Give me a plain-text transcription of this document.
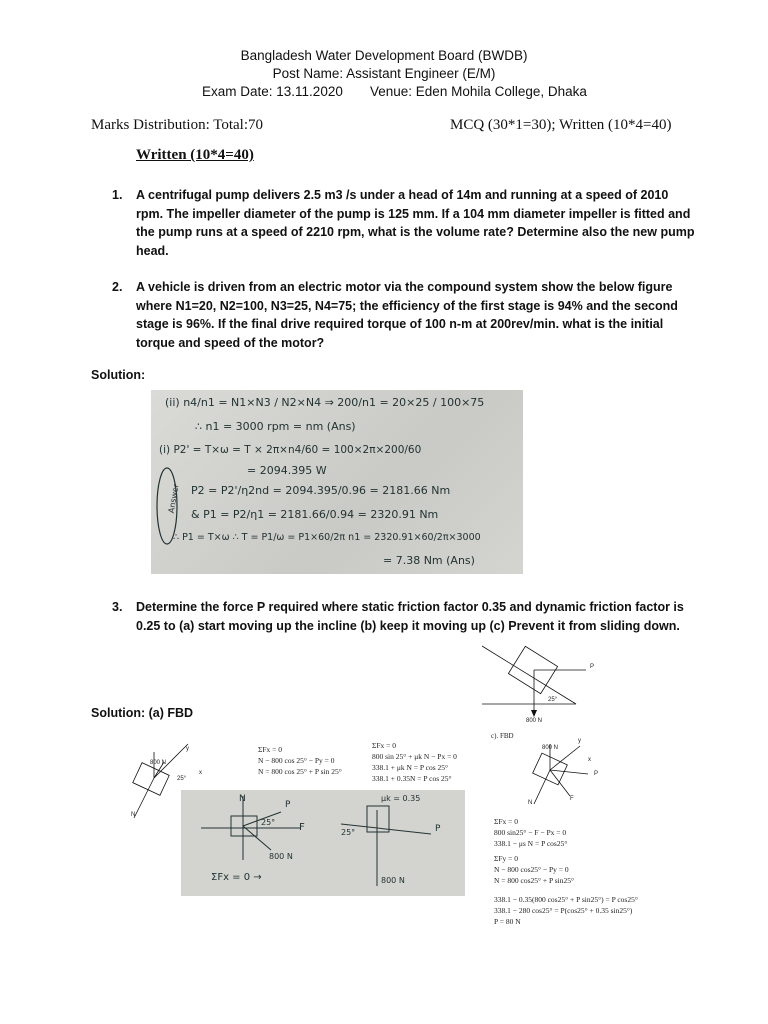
Bangladesh Water Development Board (BWDB)
Post Name: Assistant Engineer (E/M)
Exam Date: 13.11.2020 Venue: Eden Mohila College, Dhaka
Marks Distribution: Total:70	MCQ (30*1=30); Written (10*4=40)
Written (10*4=40)
1. A centrifugal pump delivers 2.5 m3 /s under a head of 14m and running at a speed of 2010 rpm. The impeller diameter of the pump is 125 mm. If a 104 mm diameter impeller is fitted and the pump runs at a speed of 2210 rpm, what is the volume rate? Determine also the new pump head.
2. A vehicle is driven from an electric motor via the compound system show the below figure where N1=20, N2=100, N3=25, N4=75; the efficiency of the first stage is 94% and the second stage is 96%. If the final drive required torque of 100 n-m at 200rev/min. what is the initial torque and speed of the motor?
Solution:
(ii) n4/n1 = N1×N3 / N2×N4 ⇒ 200/n1 = 20×25 / 100×75
∴ n1 = 3000 rpm = nm (Ans)
(i) P2' = T×ω = T × 2π×n4/60 = 100×2π×200/60
= 2094.395 W
P2 = P2'/η2nd = 2094.395/0.96 = 2181.66 Nm
& P1 = P2/η1 = 2181.66/0.94 = 2320.91 Nm
∴ P1 = T×ω ∴ T = P1/ω = P1×60/2π n1 = 2320.91×60/2π×3000
= 7.38 Nm (Ans)
Answer
3. Determine the force P required where static friction factor 0.35 and dynamic friction factor is 0.25 to (a) start moving up the incline (b) keep it moving up (c) Prevent it from sliding down.
P
25°
800 N
Solution: (a) FBD
800 N
y
x
25°
N
ΣFx = 0
N − 800 cos 25° − Py = 0
N = 800 cos 25° + P sin 25°
ΣFx = 0
800 sin 25° + μk N − Px = 0
338.1 + μk N = P cos 25°
338.1 + 0.35N = P cos 25°
N
P
F
25°
800 N
ΣFx = 0 →
μk = 0.35
25°	P
800 N
c). FBD
800 N
y
x
P
N
F
ΣFx = 0
800 sin25° − F − Px = 0
338.1 − μs N = P cos25°
ΣFy = 0
N − 800 cos25° − Py = 0
N = 800 cos25° + P sin25°
338.1 − 0.35(800 cos25° + P sin25°) = P cos25°
338.1 − 280 cos25° = P(cos25° + 0.35 sin25°)
P = 80 N
